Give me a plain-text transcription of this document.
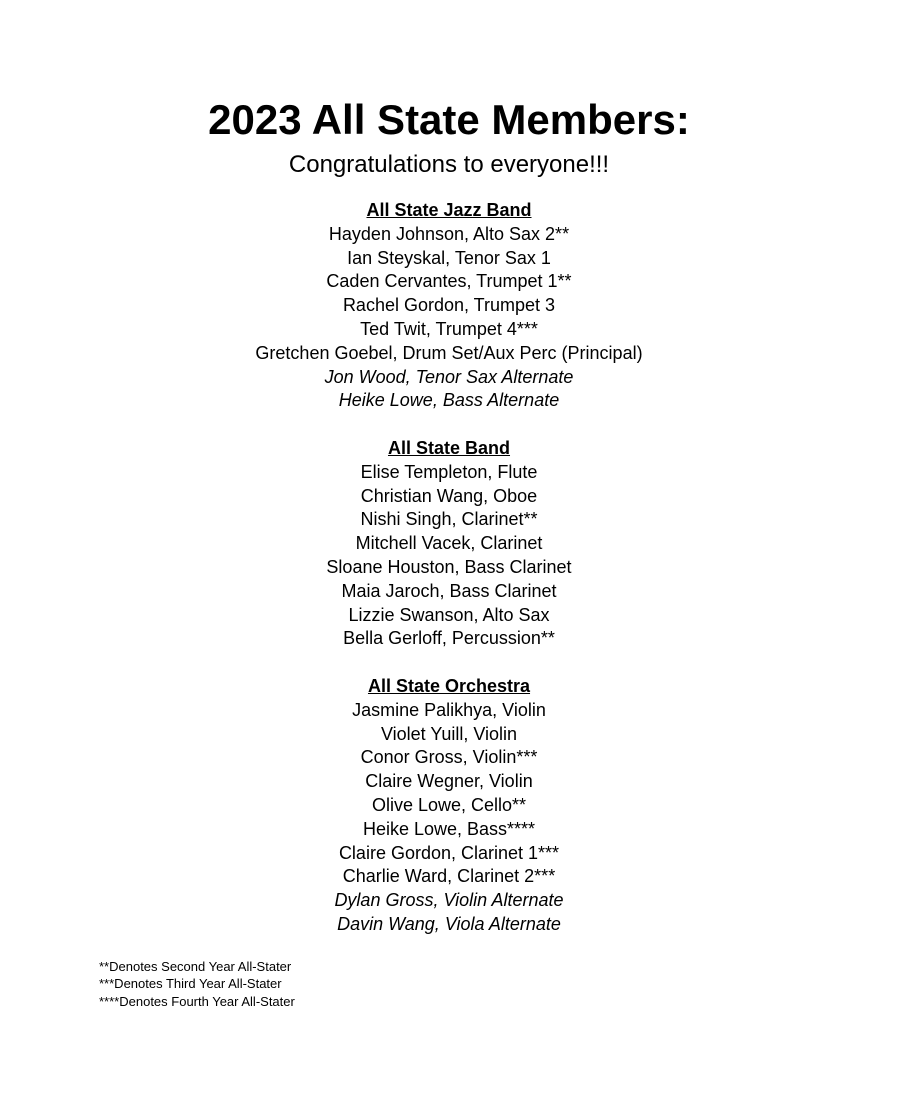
2023 All State Members:

Congratulations to everyone!!!

All State Jazz Band
Hayden Johnson, Alto Sax 2**
Ian Steyskal, Tenor Sax 1
Caden Cervantes, Trumpet 1**
Rachel Gordon, Trumpet 3
Ted Twit, Trumpet 4***
Gretchen Goebel, Drum Set/Aux Perc (Principal)
Jon Wood, Tenor Sax Alternate
Heike Lowe, Bass Alternate
All State Band
Elise Templeton, Flute
Christian Wang, Oboe
Nishi Singh, Clarinet**
Mitchell Vacek, Clarinet
Sloane Houston, Bass Clarinet
Maia Jaroch, Bass Clarinet
Lizzie Swanson, Alto Sax
Bella Gerloff, Percussion**
All State Orchestra
Jasmine Palikhya, Violin
Violet Yuill, Violin
Conor Gross, Violin***
Claire Wegner, Violin
Olive Lowe, Cello**
Heike Lowe, Bass****
Claire Gordon, Clarinet 1***
Charlie Ward, Clarinet 2***
Dylan Gross, Violin Alternate
Davin Wang, Viola Alternate
**Denotes Second Year All-Stater
***Denotes Third Year All-Stater
****Denotes Fourth Year All-Stater
